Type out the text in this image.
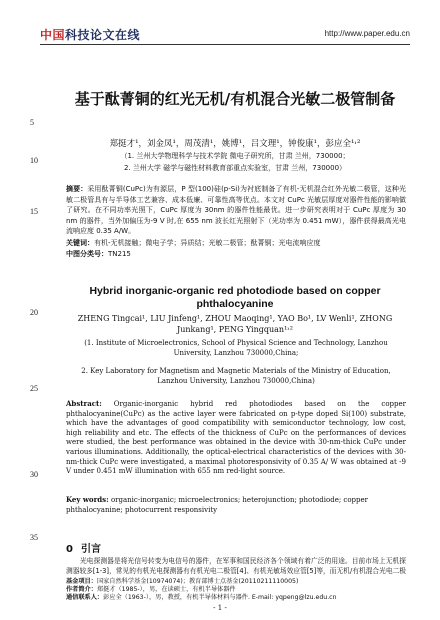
中国科技论文在线	http://www.paper.edu.cn
5
10
15
20
25
30
35
基于酞菁铜的红光无机/有机混合光敏二极管制备
郑挺才¹，刘金凤¹，周茂清¹，姚博¹，吕文理¹，钟俊康¹，彭应全¹˒²
（1. 兰州大学物理科学与技术学院 微电子研究所，甘肃 兰州，730000；
2. 兰州大学 磁学与磁性材料教育部重点实验室，甘肃 兰州，730000）
摘要：采用酞菁铜(CuPc)为有源层，P 型(100)硅(p-Si)为衬底制备了有机-无机混合红外光敏二极管，这种光敏二极管具有与半导体工艺兼容、成本低廉、可靠性高等优点。本文对 CuPc 光敏层厚度对器件性能的影响做了研究。在不同功率光照下，CuPc 厚度为 30nm 的器件性能最优。进一步研究表明对于 CuPc 厚度为 30 nm 的器件，当外加偏压为-9 V 时,在 655 nm 波长红光照射下（光功率为 0.451 mW），器件获得最高光电流响应度 0.35 A/W。
关键词：有机-无机接触；微电子学；异质结；光敏二极管；酞菁铜；光电流响应度
中图分类号：TN215
Hybrid inorganic-organic red photodiode based on copper phthalocyanine
ZHENG Tingcai¹, LIU Jinfeng¹, ZHOU Maoqing¹, YAO Bo¹, LV Wenli¹, ZHONG Junkang¹, PENG Yingquan¹˒²
(1. Institute of Microelectronics, School of Physical Science and Technology, Lanzhou University, Lanzhou 730000,China;
2. Key Laboratory for Magnetism and Magnetic Materials of the Ministry of Education, Lanzhou University, Lanzhou 730000,China)
Abstract: Organic-inorganic hybrid red photodiodes based on the copper phthalocyanine(CuPc) as the active layer were fabricated on p-type doped Si(100) substrate, which have the advantages of good compatibility with semiconductor technology, low cost, high reliability and etc. The effects of the thickness of CuPc on the performances of devices were studied, the best performance was obtained in the device with 30-nm-thick CuPc under various illuminations. Additionally, the optical-electrical characteristics of the devices with 30-nm-thick CuPc were investigated, a maximal photoresponsivity of 0.35 A/ W was obtained at -9 V under 0.451 mW illumination with 655 nm red-light source.
Key words: organic-inorganic; microelectronics; heterojunction; photodiode; copper phthalocyanine; photocurrent responsivity
0 引言
光电探测器是将光信号转变为电信号的器件，在军事和国民经济各个领域有着广泛的用途。目前市场上无机探测器较多[1-3]，常见的有机光电探测器有有机光电二极管[4]、有机光敏场效应管[5]等，而无机/有机混合光电二极
基金项目：国家自然科学基金(10974074)；教育部博士点基金(20110211110005)
作者简介：郑挺才（1985-），男，在读硕士，有机半导体器件
通信联系人：彭应全（1963-），男，教授，有机半导体材料与器件. E-mail: yqpeng@lzu.edu.cn
- 1 -
